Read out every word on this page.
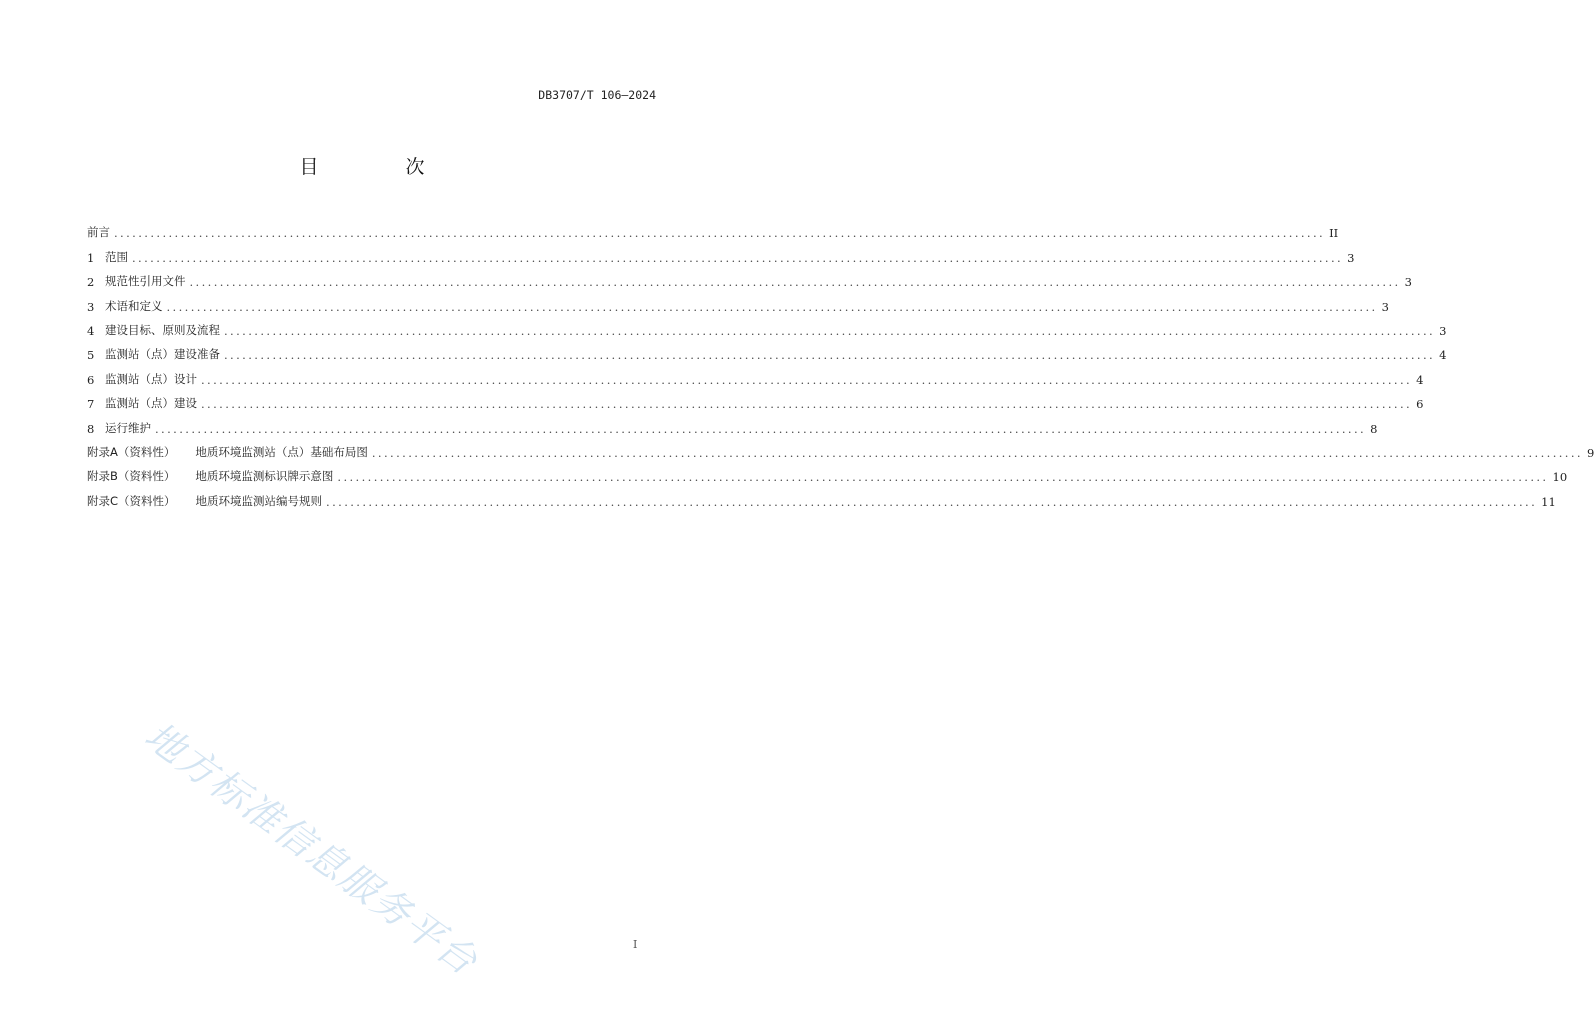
DB3707/T 106—2024
目　次
前言 ........................................................................................................................................................................................................ II
1 范围 ........................................................................................................................................................................................................ 3
2 规范性引用文件 ........................................................................................................................................................................................................ 3
3 术语和定义 ........................................................................................................................................................................................................ 3
4 建设目标、原则及流程 ........................................................................................................................................................................................................ 3
5 监测站（点）建设准备 ........................................................................................................................................................................................................ 4
6 监测站（点）设计 ........................................................................................................................................................................................................ 4
7 监测站（点）建设 ........................................................................................................................................................................................................ 6
8 运行维护 ........................................................................................................................................................................................................ 8
附录A（资料性） 地质环境监测站（点）基础布局图 ........................................................................................................................................................................................................ 9
附录B（资料性） 地质环境监测标识牌示意图 ........................................................................................................................................................................................................ 10
附录C（资料性） 地质环境监测站编号规则 ........................................................................................................................................................................................................ 11
地方标准信息服务平台	I
